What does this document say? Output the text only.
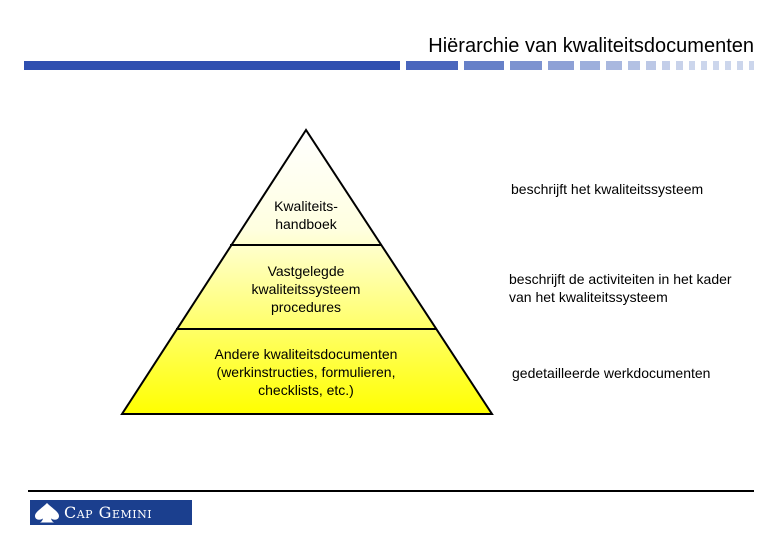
Hiërarchie van kwaliteitsdocumenten
Kwaliteits-
handboek
Vastgelegde
kwaliteitssysteem
procedures
Andere kwaliteitsdocumenten
(werkinstructies, formulieren,
checklists, etc.)
beschrijft het kwaliteitssysteem
beschrijft de activiteiten in het kader
van het kwaliteitssysteem
gedetailleerde werkdocumenten
Cap Gemini
